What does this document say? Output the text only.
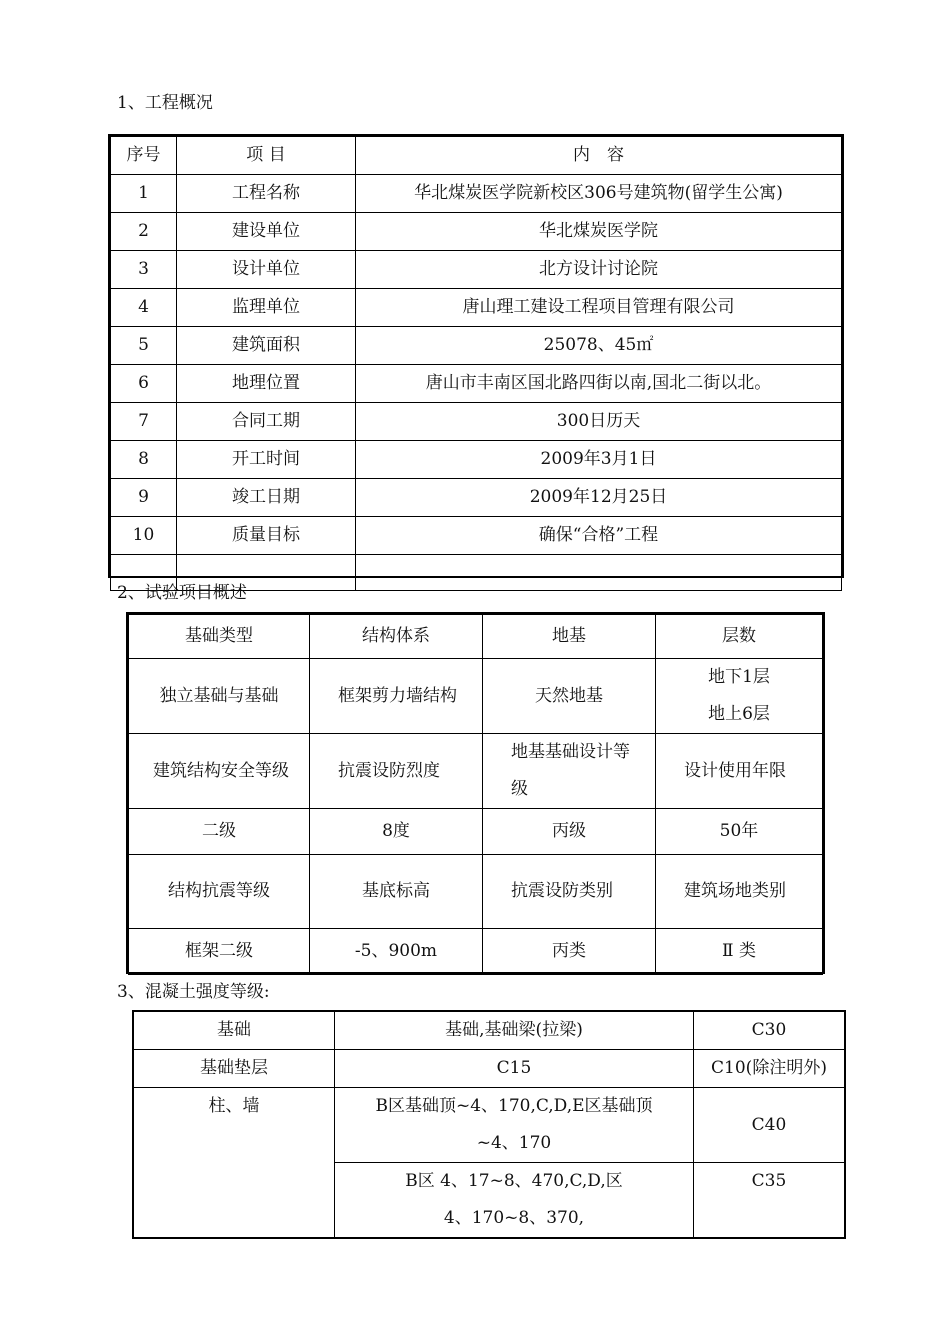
1、工程概况
序号	项 目	内　容
1	工程名称	华北煤炭医学院新校区306号建筑物(留学生公寓)
2	建设单位	华北煤炭医学院
3	设计单位	北方设计讨论院
4	监理单位	唐山理工建设工程项目管理有限公司
5	建筑面积	25078、45㎡
6	地理位置	唐山市丰南区国北路四街以南,国北二街以北。
7	合同工期	300日历天
8	开工时间	2009年3月1日
9	竣工日期	2009年12月25日
10	质量目标	确保“合格”工程

2、试验项目概述
基础类型	结构体系	地基	层数

独立基础与基础	框架剪力墙结构	天然地基	地下1层
地上6层

建筑结构安全等级	抗震设防烈度	地基基础设计等级	设计使用年限

二级	8度	丙级	50年
结构抗震等级	基底标高	抗震设防类别	建筑场地类别

框架二级	-5、900m	丙类	Ⅱ 类
3、混凝土强度等级:
基础	基础,基础梁(拉梁)	C30
基础垫层	C15	C10(除注明外)
柱、墙	B区基础顶~4、170,C,D,E区基础顶~4、170	C40

	B区 4、17~8、470,C,D,区 4、170~8、370,	C35
